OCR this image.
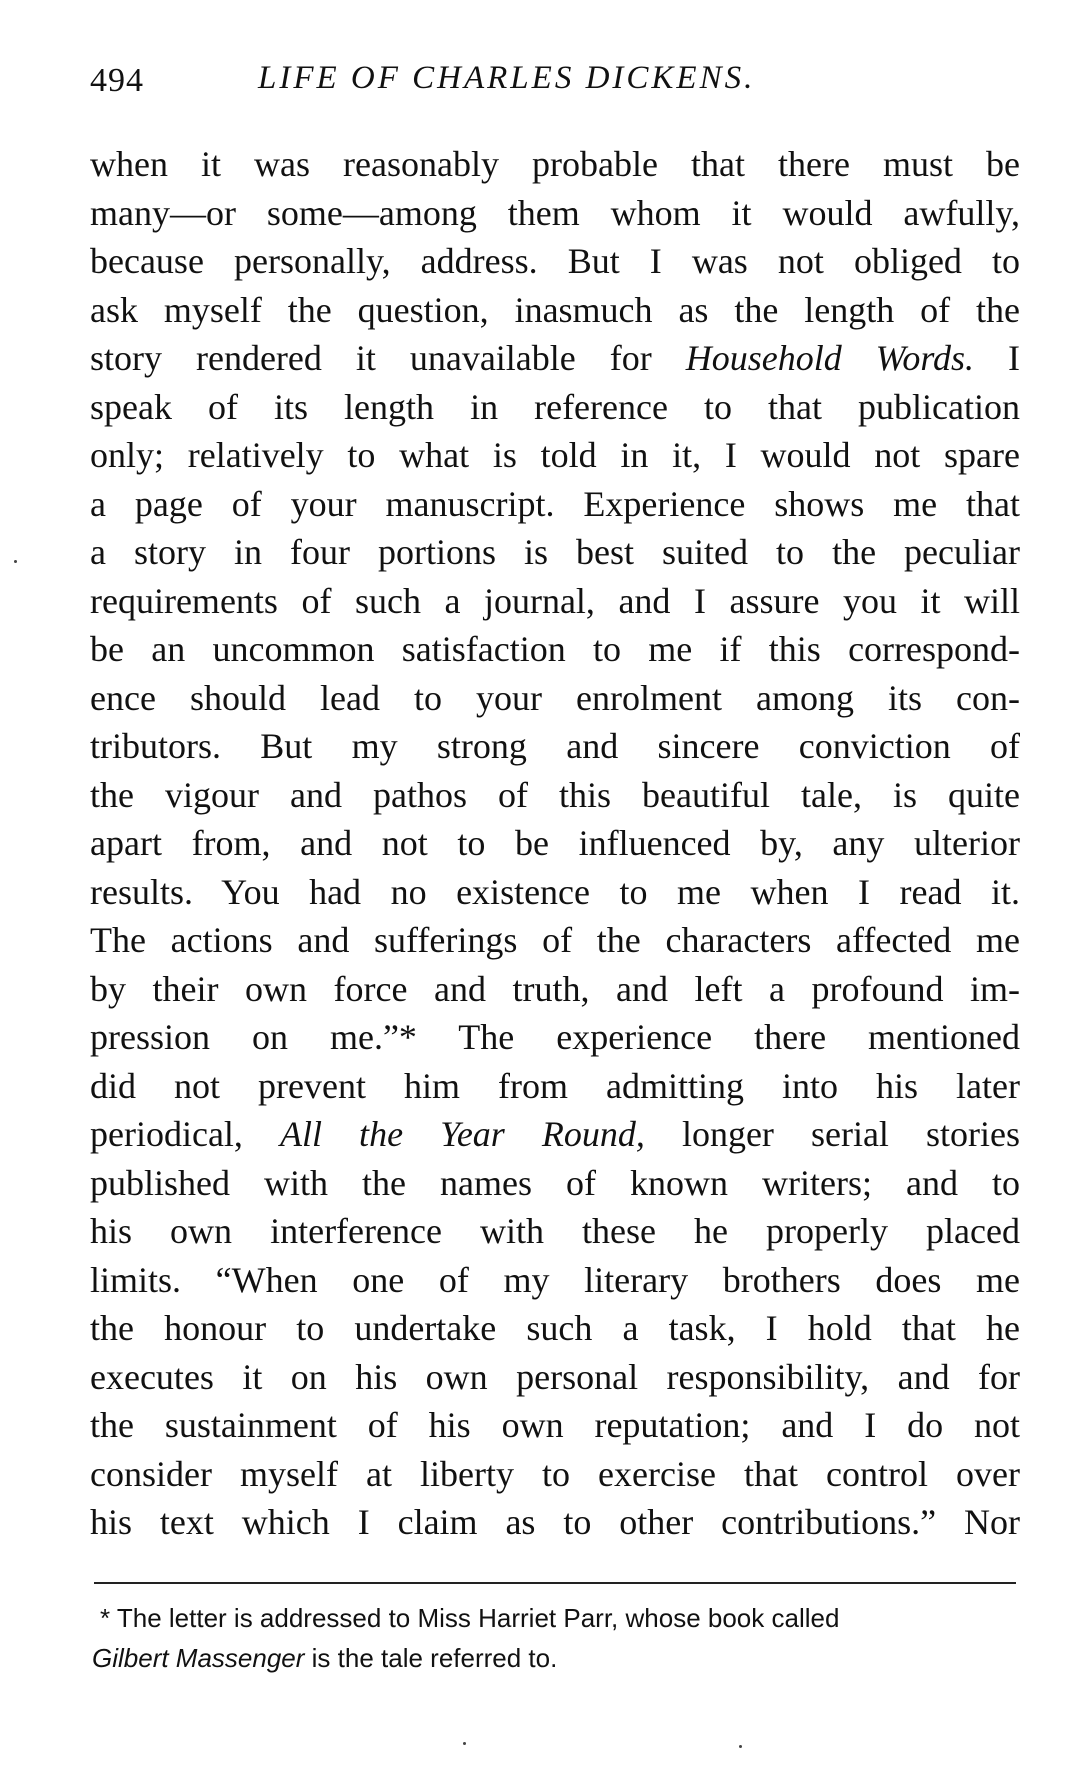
494	LIFE OF CHARLES DICKENS.
when it was reasonably probable that there must be
many—or some—among them whom it would awfully,
because personally, address. But I was not obliged to
ask myself the question, inasmuch as the length of the
story rendered it unavailable for Household Words. I
speak of its length in reference to that publication
only; relatively to what is told in it, I would not spare
a page of your manuscript. Experience shows me that
a story in four portions is best suited to the peculiar
requirements of such a journal, and I assure you it will
be an uncommon satisfaction to me if this correspond-
ence should lead to your enrolment among its con-
tributors. But my strong and sincere conviction of
the vigour and pathos of this beautiful tale, is quite
apart from, and not to be influenced by, any ulterior
results. You had no existence to me when I read it.
The actions and sufferings of the characters affected me
by their own force and truth, and left a profound im-
pression on me.”* The experience there mentioned
did not prevent him from admitting into his later
periodical, All the Year Round, longer serial stories
published with the names of known writers; and to
his own interference with these he properly placed
limits. “When one of my literary brothers does me
the honour to undertake such a task, I hold that he
executes it on his own personal responsibility, and for
the sustainment of his own reputation; and I do not
consider myself at liberty to exercise that control over
his text which I claim as to other contributions.” Nor
* The letter is addressed to Miss Harriet Parr, whose book called
Gilbert Massenger is the tale referred to.
